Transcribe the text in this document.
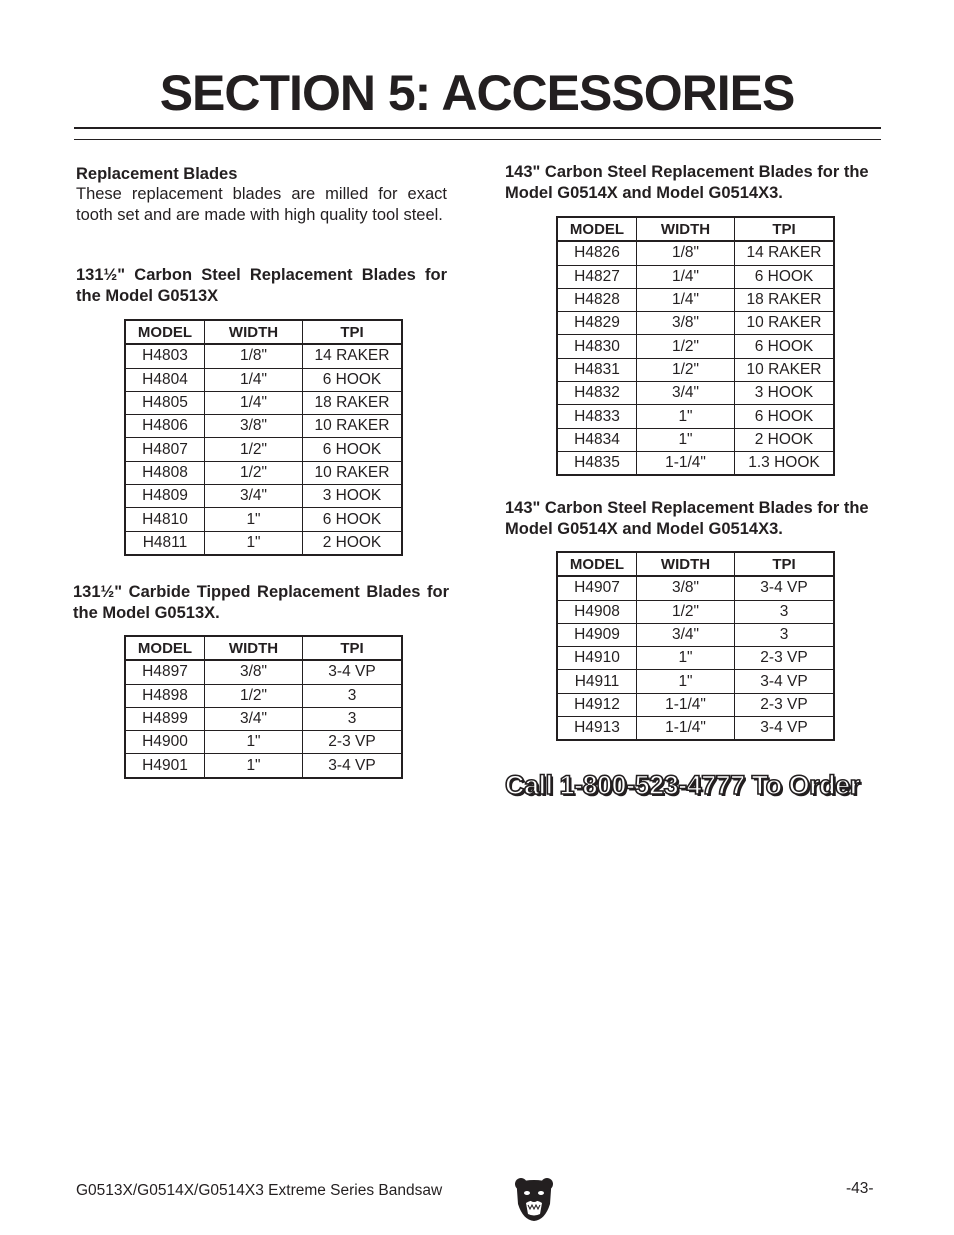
SECTION 5: ACCESSORIES
Replacement Blades
These replacement blades are milled for exact tooth set and are made with high quality tool steel.
131½" Carbon Steel Replacement Blades for the Model G0513X
MODEL	WIDTH	TPI
H4803	1/8"	14 RAKER
H4804	1/4"	6 HOOK
H4805	1/4"	18 RAKER
H4806	3/8"	10 RAKER
H4807	1/2"	6 HOOK
H4808	1/2"	10 RAKER
H4809	3/4"	3 HOOK
H4810	1"	6 HOOK
H4811	1"	2 HOOK
131½" Carbide Tipped Replacement Blades for the Model G0513X.
MODEL	WIDTH	TPI
H4897	3/8"	3-4 VP
H4898	1/2"	3
H4899	3/4"	3
H4900	1"	2-3 VP
H4901	1"	3-4 VP
143" Carbon Steel Replacement Blades for the Model G0514X and Model G0514X3.
MODEL	WIDTH	TPI
H4826	1/8"	14 RAKER
H4827	1/4"	6 HOOK
H4828	1/4"	18 RAKER
H4829	3/8"	10 RAKER
H4830	1/2"	6 HOOK
H4831	1/2"	10 RAKER
H4832	3/4"	3 HOOK
H4833	1"	6 HOOK
H4834	1"	2 HOOK
H4835	1-1/4"	1.3 HOOK
143" Carbon Steel Replacement Blades for the Model G0514X and Model G0514X3.
MODEL	WIDTH	TPI
H4907	3/8"	3-4 VP
H4908	1/2"	3
H4909	3/4"	3
H4910	1"	2-3 VP
H4911	1"	3-4 VP
H4912	1-1/4"	2-3 VP
H4913	1-1/4"	3-4 VP
Call 1-800-523-4777 To Order
G0513X/G0514X/G0514X3 Extreme Series Bandsaw	-43-
